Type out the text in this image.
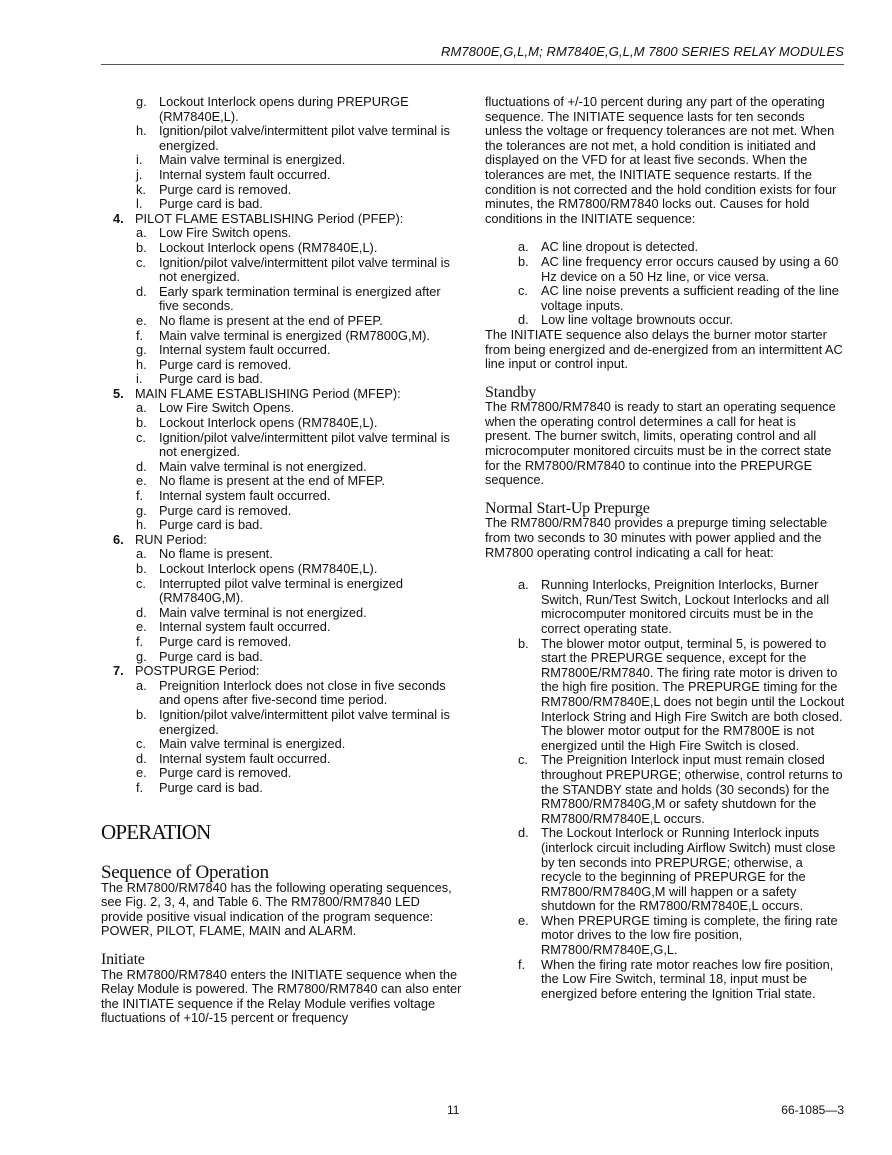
RM7800E,G,L,M; RM7840E,G,L,M 7800 SERIES RELAY MODULES
g. Lockout Interlock opens during PREPURGE (RM7840E,L).
h. Ignition/pilot valve/intermittent pilot valve terminal is energized.
i.	Main valve terminal is energized.
j.	Internal system fault occurred.
k.	Purge card is removed.
l.	Purge card is bad.
4. PILOT FLAME ESTABLISHING Period (PFEP):
a. Low Fire Switch opens.
b. Lockout Interlock opens (RM7840E,L).
c.	Ignition/pilot valve/intermittent pilot valve terminal is not energized.
d. Early spark termination terminal is energized after five seconds.
e. No flame is present at the end of PFEP.
f.	Main valve terminal is energized (RM7800G,M).
g. Internal system fault occurred.
h. Purge card is removed.
i.	Purge card is bad.
5. MAIN FLAME ESTABLISHING Period (MFEP):
a. Low Fire Switch Opens.
b. Lockout Interlock opens (RM7840E,L).
c.	Ignition/pilot valve/intermittent pilot valve terminal is not energized.
d. Main valve terminal is not energized.
e. No flame is present at the end of MFEP.
f.	Internal system fault occurred.
g. Purge card is removed.
h. Purge card is bad.
6. RUN Period:
a. No flame is present.
b. Lockout Interlock opens (RM7840E,L).
c.	Interrupted pilot valve terminal is energized (RM7840G,M).
d. Main valve terminal is not energized.
e. Internal system fault occurred.
f.	Purge card is removed.
g. Purge card is bad.
7. POSTPURGE Period:
a. Preignition Interlock does not close in five seconds and opens after five-second time period.
b. Ignition/pilot valve/intermittent pilot valve terminal is energized.
c.	Main valve terminal is energized.
d. Internal system fault occurred.
e. Purge card is removed.
f.	Purge card is bad.
OPERATION
Sequence of Operation

The RM7800/RM7840 has the following operating sequences, see Fig. 2, 3, 4, and Table 6. The RM7800/RM7840 LED provide positive visual indication of the program sequence: POWER, PILOT, FLAME, MAIN and ALARM.

Initiate

The RM7800/RM7840 enters the INITIATE sequence when the Relay Module is powered. The RM7800/RM7840 can also enter the INITIATE sequence if the Relay Module verifies voltage fluctuations of +10/-15 percent or frequency

fluctuations of +/-10 percent during any part of the operating sequence. The INITIATE sequence lasts for ten seconds unless the voltage or frequency tolerances are not met. When the tolerances are not met, a hold condition is initiated and displayed on the VFD for at least five seconds. When the tolerances are met, the INITIATE sequence restarts. If the condition is not corrected and the hold condition exists for four minutes, the RM7800/RM7840 locks out. Causes for hold conditions in the INITIATE sequence:

a. AC line dropout is detected.
b. AC line frequency error occurs caused by using a 60 Hz device on a 50 Hz line, or vice versa.
c.	AC line noise prevents a sufficient reading of the line voltage inputs.
d. Low line voltage brownouts occur.

The INITIATE sequence also delays the burner motor starter from being energized and de-energized from an intermittent AC line input or control input.

Standby

The RM7800/RM7840 is ready to start an operating sequence when the operating control determines a call for heat is present. The burner switch, limits, operating control and all microcomputer monitored circuits must be in the correct state for the RM7800/RM7840 to continue into the PREPURGE sequence.

Normal Start-Up Prepurge

The RM7800/RM7840 provides a prepurge timing selectable from two seconds to 30 minutes with power applied and the RM7800 operating control indicating a call for heat:

a. Running Interlocks, Preignition Interlocks, Burner Switch, Run/Test Switch, Lockout Interlocks and all microcomputer monitored circuits must be in the correct operating state.
b. The blower motor output, terminal 5, is powered to start the PREPURGE sequence, except for the RM7800E/RM7840. The firing rate motor is driven to the high fire position. The PREPURGE timing for the RM7800/RM7840E,L does not begin until the Lockout Interlock String and High Fire Switch are both closed. The blower motor output for the RM7800E is not energized until the High Fire Switch is closed.
c.	The Preignition Interlock input must remain closed throughout PREPURGE; otherwise, control returns to the STANDBY state and holds (30 seconds) for the RM7800/RM7840G,M or safety shutdown for the RM7800/RM7840E,L occurs.
d. The Lockout Interlock or Running Interlock inputs (interlock circuit including Airflow Switch) must close by ten seconds into PREPURGE; otherwise, a recycle to the beginning of PREPURGE for the RM7800/RM7840G,M will happen or a safety shutdown for the RM7800/RM7840E,L occurs.
e. When PREPURGE timing is complete, the firing rate motor drives to the low fire position, RM7800/RM7840E,G,L.
f.	When the firing rate motor reaches low fire position, the Low Fire Switch, terminal 18, input must be energized before entering the Ignition Trial state.
11	66-1085—3
